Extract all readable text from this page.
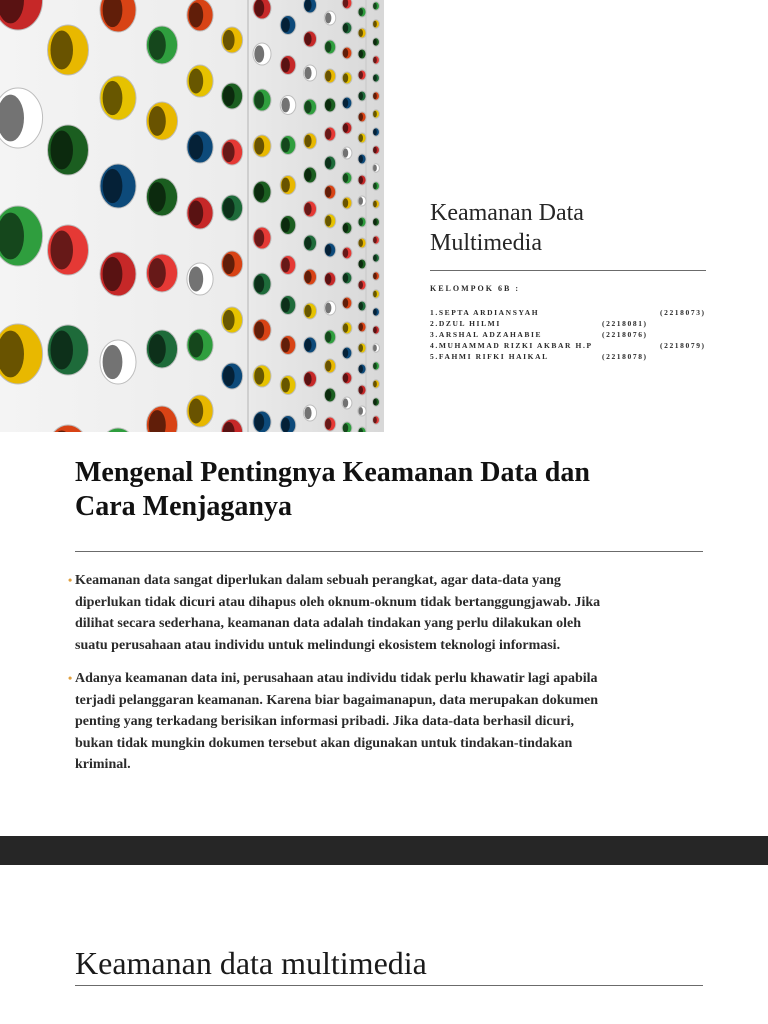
Keamanan Data
Multimedia
KELOMPOK 6B :
1.SEPTA ARDIANSYAH	(2218073)
2.DZUL HILMI	(2218081)
3.ARSHAL ADZAHABIE	(2218076)
4.MUHAMMAD RIZKI AKBAR H.P	(2218079)
5.FAHMI RIFKI HAIKAL	(2218078)
Mengenal Pentingnya Keamanan Data dan
Cara Menjaganya
• Keamanan data sangat diperlukan dalam sebuah perangkat, agar data-data yang diperlukan tidak dicuri atau dihapus oleh oknum-oknum tidak bertanggungjawab. Jika dilihat secara sederhana, keamanan data adalah tindakan yang perlu dilakukan oleh suatu perusahaan atau individu untuk melindungi ekosistem teknologi informasi.
• Adanya keamanan data ini, perusahaan atau individu tidak perlu khawatir lagi apabila terjadi pelanggaran keamanan. Karena biar bagaimanapun, data merupakan dokumen penting yang terkadang berisikan informasi pribadi. Jika data-data berhasil dicuri, bukan tidak mungkin dokumen tersebut akan digunakan untuk tindakan-tindakan kriminal.
Keamanan data multimedia
